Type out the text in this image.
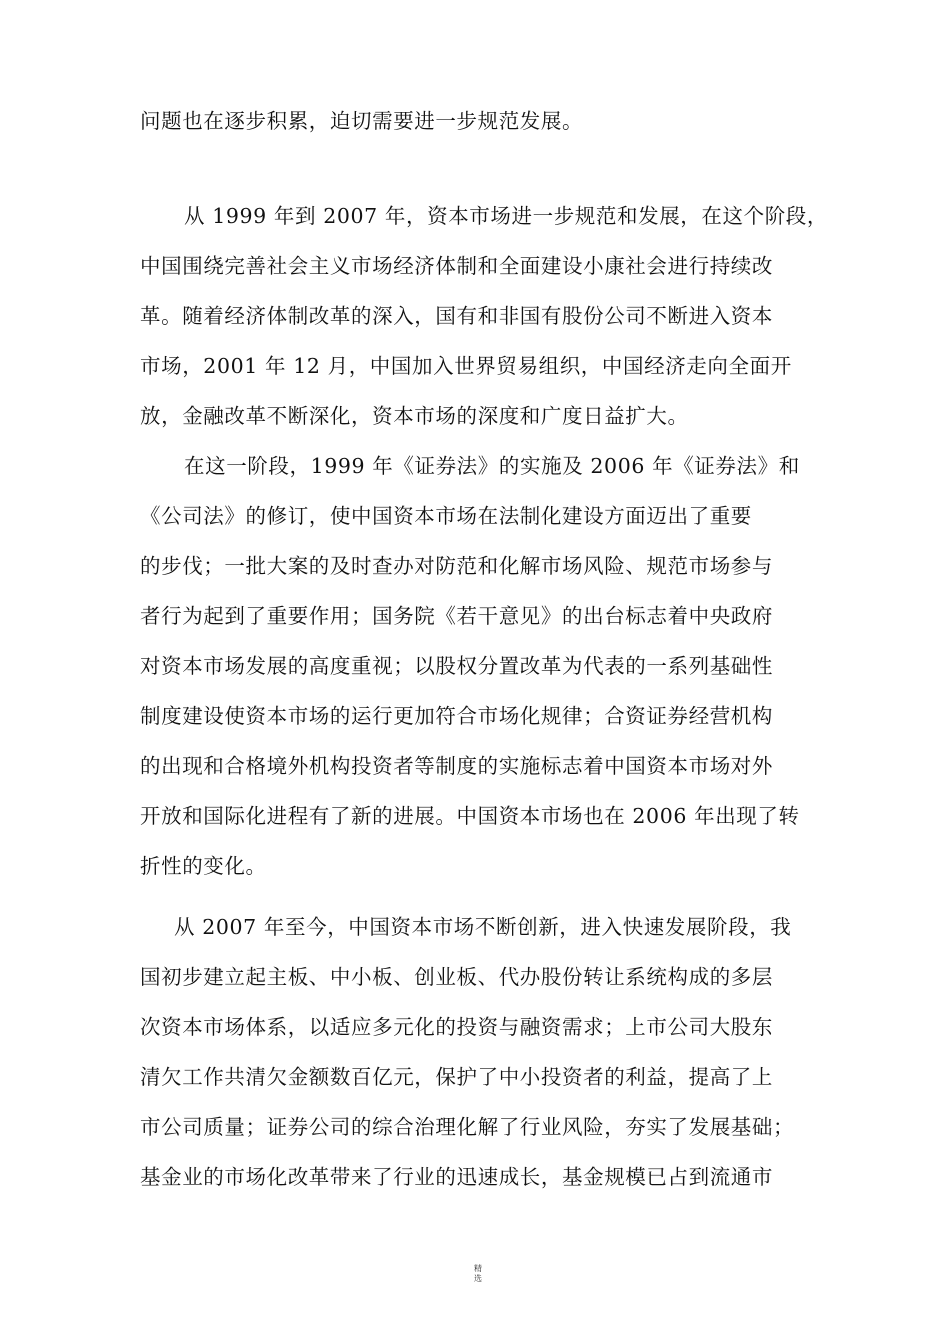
问题也在逐步积累，迫切需要进一步规范发展。
从 1999 年到 2007 年，资本市场进一步规范和发展，在这个阶段，
中国围绕完善社会主义市场经济体制和全面建设小康社会进行持续改
革。随着经济体制改革的深入，国有和非国有股份公司不断进入资本
市场，2001 年 12 月，中国加入世界贸易组织，中国经济走向全面开
放，金融改革不断深化，资本市场的深度和广度日益扩大。
在这一阶段，1999 年《证券法》的实施及 2006 年《证券法》和
《公司法》的修订，使中国资本市场在法制化建设方面迈出了重要
的步伐；一批大案的及时查办对防范和化解市场风险、规范市场参与
者行为起到了重要作用；国务院《若干意见》的出台标志着中央政府
对资本市场发展的高度重视；以股权分置改革为代表的一系列基础性
制度建设使资本市场的运行更加符合市场化规律；合资证券经营机构
的出现和合格境外机构投资者等制度的实施标志着中国资本市场对外
开放和国际化进程有了新的进展。中国资本市场也在 2006 年出现了转
折性的变化。
从 2007 年至今，中国资本市场不断创新，进入快速发展阶段，我
国初步建立起主板、中小板、创业板、代办股份转让系统构成的多层
次资本市场体系，以适应多元化的投资与融资需求；上市公司大股东
清欠工作共清欠金额数百亿元，保护了中小投资者的利益，提高了上
市公司质量；证券公司的综合治理化解了行业风险，夯实了发展基础；
基金业的市场化改革带来了行业的迅速成长，基金规模已占到流通市
精选
